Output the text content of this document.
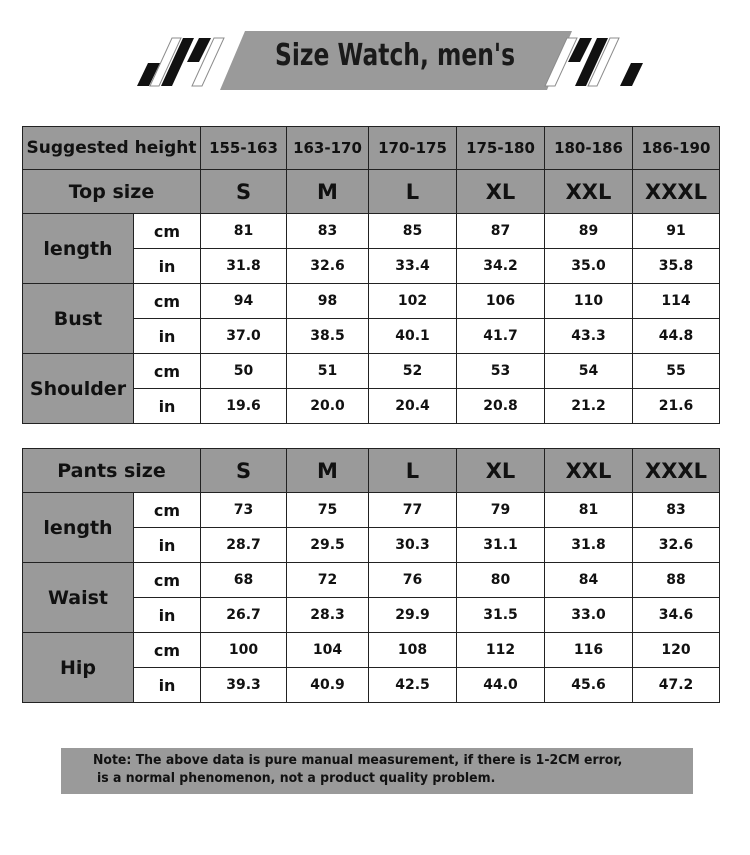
Size Watch, men's
Suggested height		155-163	163-170	170-175	175-180	180-186	186-190
Top size		S	M	L	XL	XXL	XXXL
length	cm	81	83	85	87	89	91
	in	31.8	32.6	33.4	34.2	35.0	35.8
Bust	cm	94	98	102	106	110	114
	in	37.0	38.5	40.1	41.7	43.3	44.8
Shoulder	cm	50	51	52	53	54	55
	in	19.6	20.0	20.4	20.8	21.2	21.6
Pants size		S	M	L	XL	XXL	XXXL
length	cm	73	75	77	79	81	83
	in	28.7	29.5	30.3	31.1	31.8	32.6
Waist	cm	68	72	76	80	84	88
	in	26.7	28.3	29.9	31.5	33.0	34.6
Hip	cm	100	104	108	112	116	120
	in	39.3	40.9	42.5	44.0	45.6	47.2
Note: The above data is pure manual measurement, if there is 1-2CM error,
is a normal phenomenon, not a product quality problem.
